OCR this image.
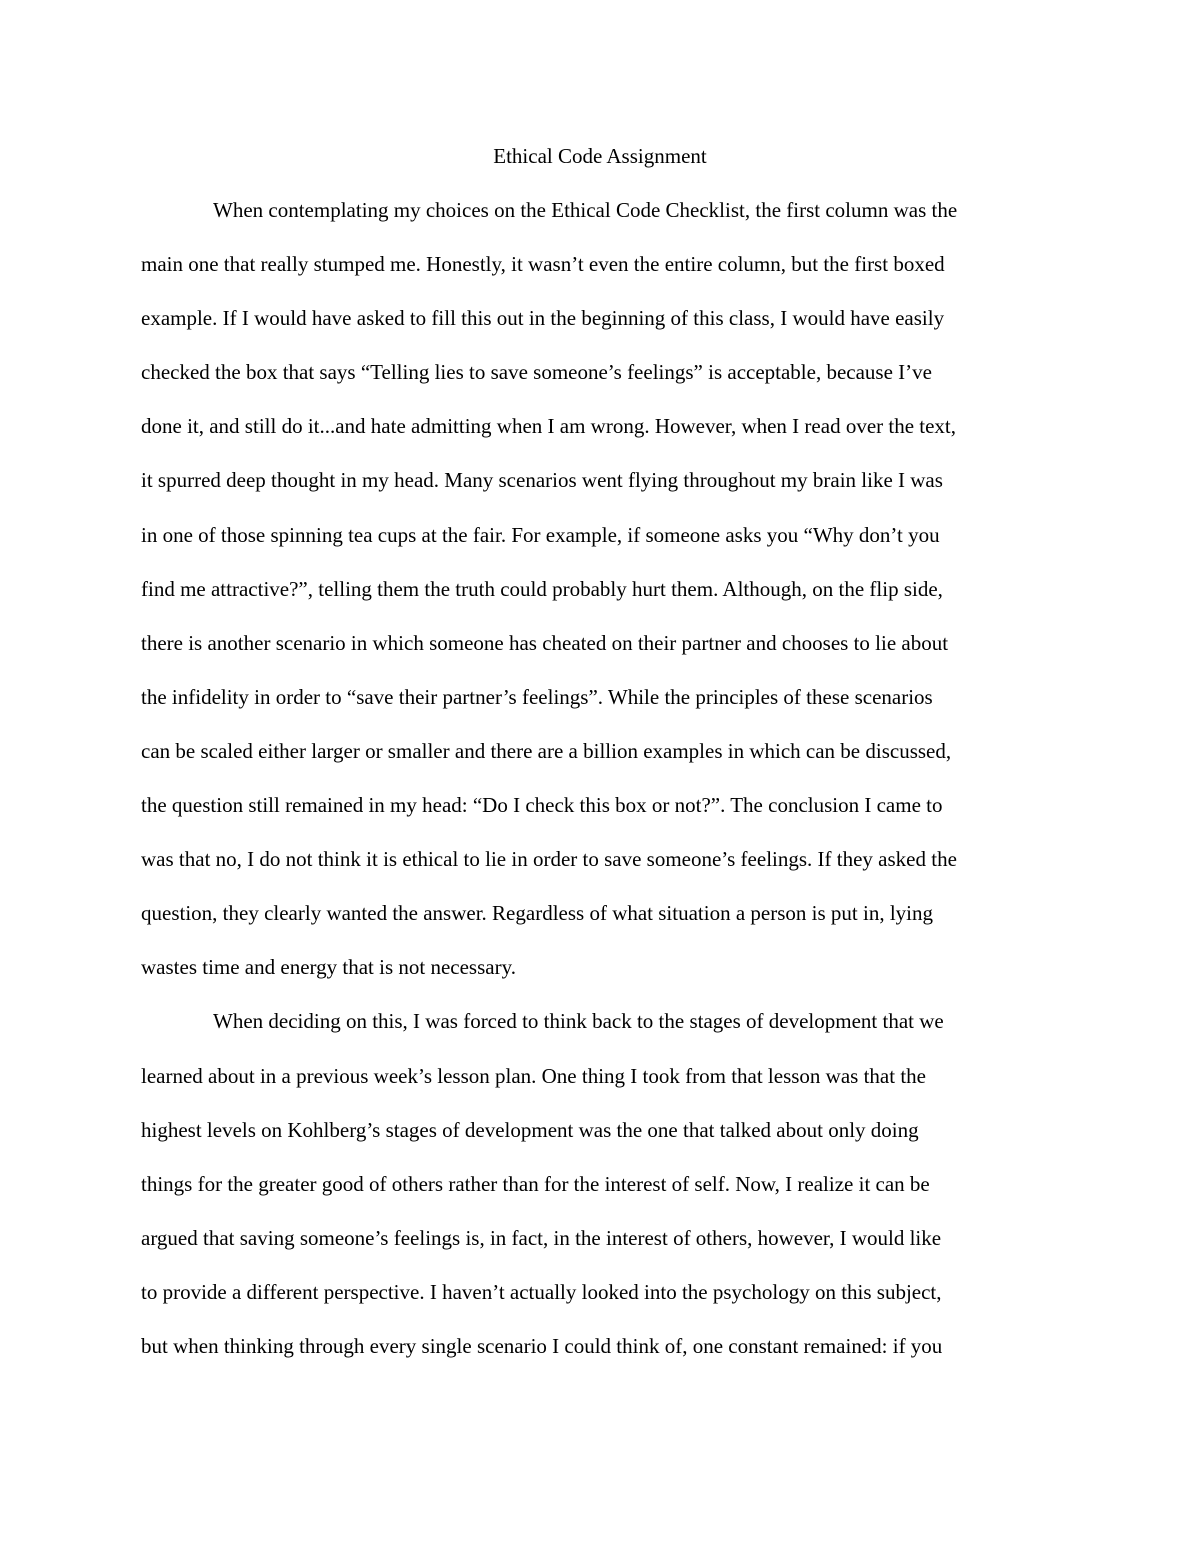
Ethical Code Assignment
When contemplating my choices on the Ethical Code Checklist, the first column was the
main one that really stumped me. Honestly, it wasn’t even the entire column, but the first boxed
example. If I would have asked to fill this out in the beginning of this class, I would have easily
checked the box that says “Telling lies to save someone’s feelings” is acceptable, because I’ve
done it, and still do it...and hate admitting when I am wrong. However, when I read over the text,
it spurred deep thought in my head. Many scenarios went flying throughout my brain like I was
in one of those spinning tea cups at the fair. For example, if someone asks you “Why don’t you
find me attractive?”, telling them the truth could probably hurt them. Although, on the flip side,
there is another scenario in which someone has cheated on their partner and chooses to lie about
the infidelity in order to “save their partner’s feelings”. While the principles of these scenarios
can be scaled either larger or smaller and there are a billion examples in which can be discussed,
the question still remained in my head: “Do I check this box or not?”. The conclusion I came to
was that no, I do not think it is ethical to lie in order to save someone’s feelings. If they asked the
question, they clearly wanted the answer. Regardless of what situation a person is put in, lying
wastes time and energy that is not necessary.
When deciding on this, I was forced to think back to the stages of development that we
learned about in a previous week’s lesson plan. One thing I took from that lesson was that the
highest levels on Kohlberg’s stages of development was the one that talked about only doing
things for the greater good of others rather than for the interest of self. Now, I realize it can be
argued that saving someone’s feelings is, in fact, in the interest of others, however, I would like
to provide a different perspective. I haven’t actually looked into the psychology on this subject,
but when thinking through every single scenario I could think of, one constant remained: if you
